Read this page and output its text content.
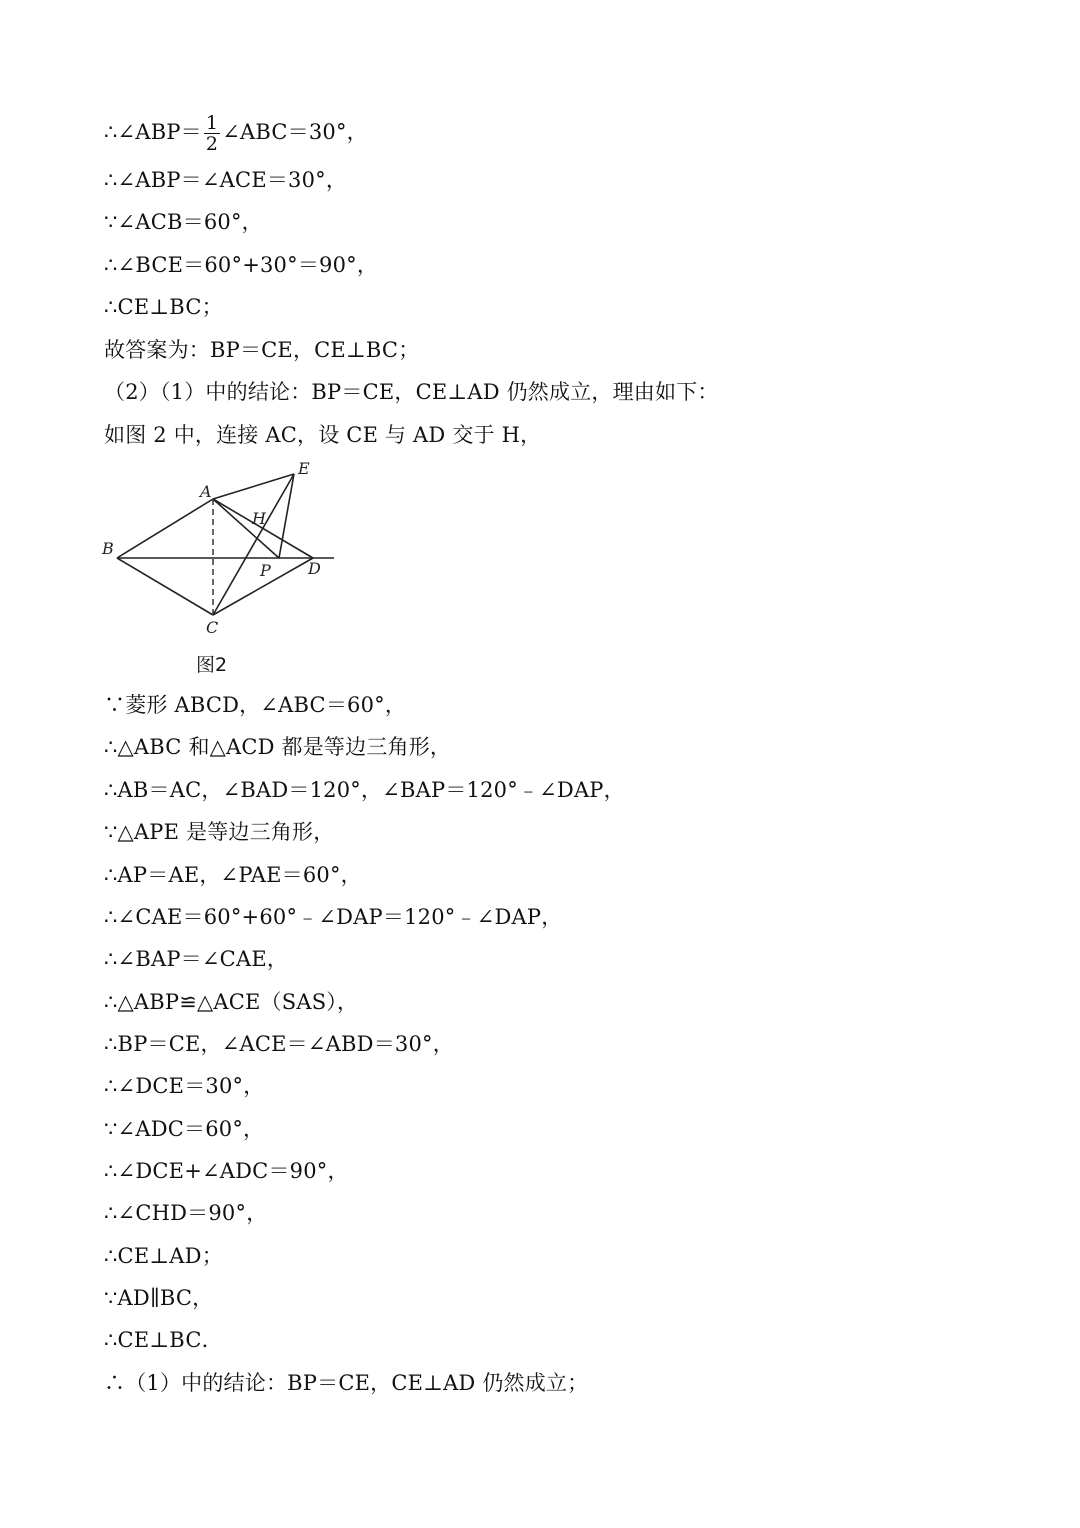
∴∠ABP＝ $\frac{1}{2}$ ∠ABC＝30°，
∴∠ABP＝∠ACE＝30°，
∵∠ACB＝60°，
∴∠BCE＝60°+30°＝90°，
∴CE⊥BC；
故答案为：BP＝CE，CE⊥BC；
（2）（1）中的结论：BP＝CE，CE⊥AD 仍然成立，理由如下：
如图 2 中，连接 AC，设 CE 与 AD 交于 H，
A
B
C
D
E
H
P
图2
∵菱形 ABCD，∠ABC＝60°，
∴△ABC 和△ACD 都是等边三角形，
∴AB＝AC，∠BAD＝120°，∠BAP＝120°﹣∠DAP，
∵△APE 是等边三角形，
∴AP＝AE，∠PAE＝60°，
∴∠CAE＝60°+60°﹣∠DAP＝120°﹣∠DAP，
∴∠BAP＝∠CAE，
∴△ABP≌△ACE（SAS），
∴BP＝CE，∠ACE＝∠ABD＝30°，
∴∠DCE＝30°，
∵∠ADC＝60°，
∴∠DCE+∠ADC＝90°，
∴∠CHD＝90°，
∴CE⊥AD；
∵AD∥BC，
∴CE⊥BC．
∴（1）中的结论：BP＝CE，CE⊥AD 仍然成立；
